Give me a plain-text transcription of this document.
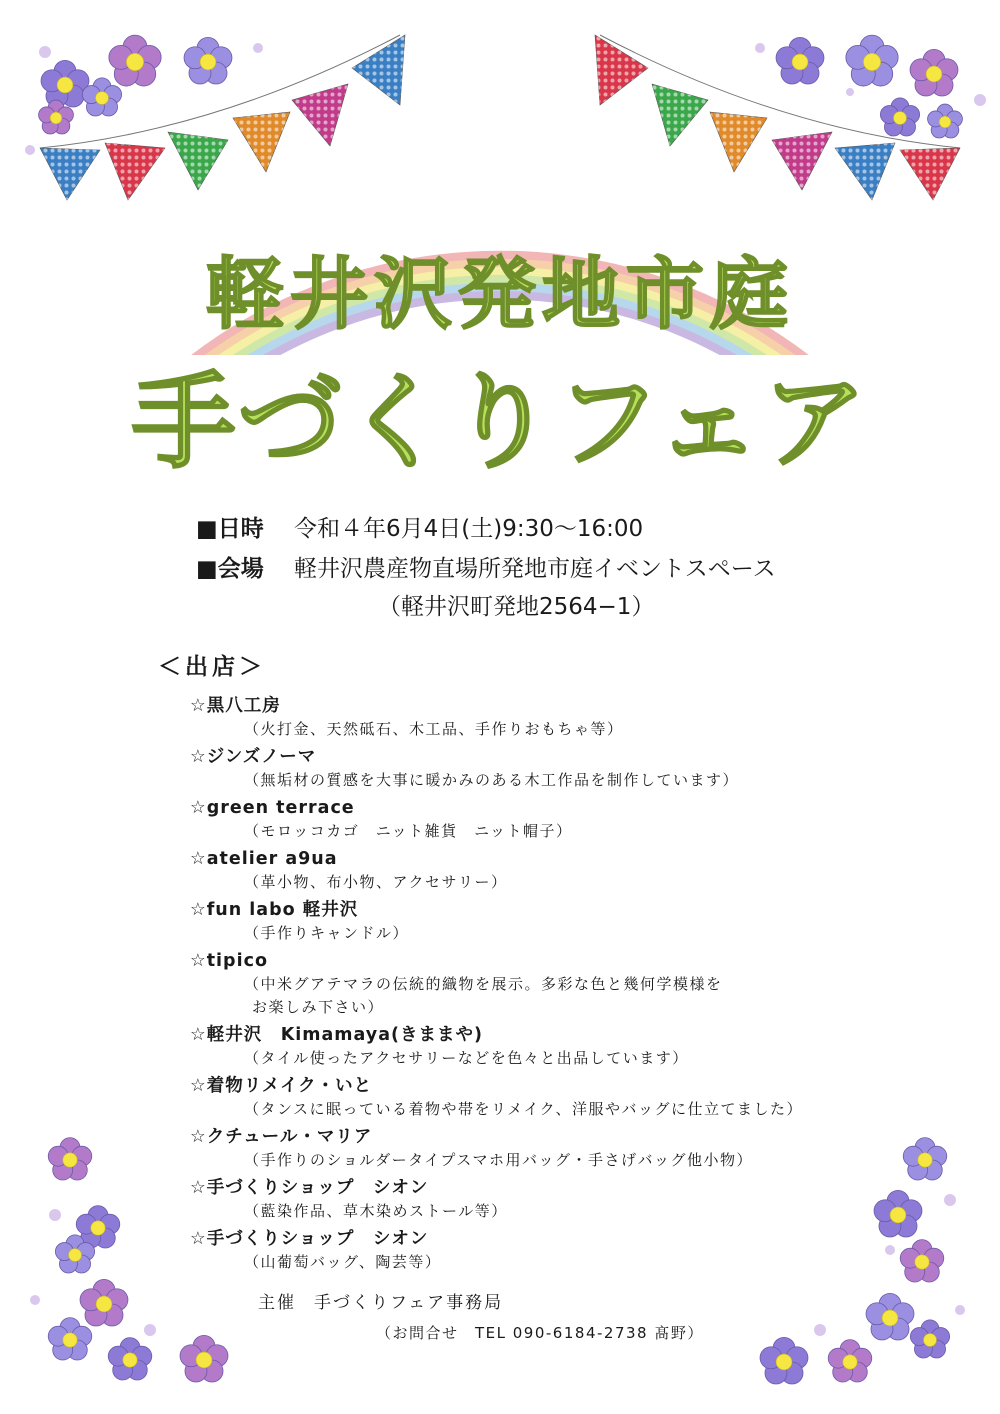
軽井沢発地市庭
手づくりフェア
■日時 令和４年6月4日(土)9:30～16:00
■会場 軽井沢農産物直場所発地市庭イベントスペース
（軽井沢町発地2564−1）
＜出店＞
☆黒八工房
（火打金、天然砥石、木工品、手作りおもちゃ等）
☆ジンズノーマ
（無垢材の質感を大事に暖かみのある木工作品を制作しています）
☆green terrace
（モロッコカゴ　ニット雑貨　ニット帽子）
☆atelier a9ua
（革小物、布小物、アクセサリー）
☆fun labo 軽井沢
（手作りキャンドル）
☆tipico
（中米グアテマラの伝統的織物を展示。多彩な色と幾何学模様を
お楽しみ下さい）
☆軽井沢　Kimamaya(きままや)
（タイル使ったアクセサリーなどを色々と出品しています）
☆着物リメイク・いと
（タンスに眠っている着物や帯をリメイク、洋服やバッグに仕立てました）
☆クチュール・マリア
（手作りのショルダータイプスマホ用バッグ・手さげバッグ他小物）
☆手づくりショップ　シオン
（藍染作品、草木染めストール等）
☆手づくりショップ　シオン
（山葡萄バッグ、陶芸等）
主催 手づくりフェア事務局
（お問合せ　TEL 090-6184-2738 髙野）
